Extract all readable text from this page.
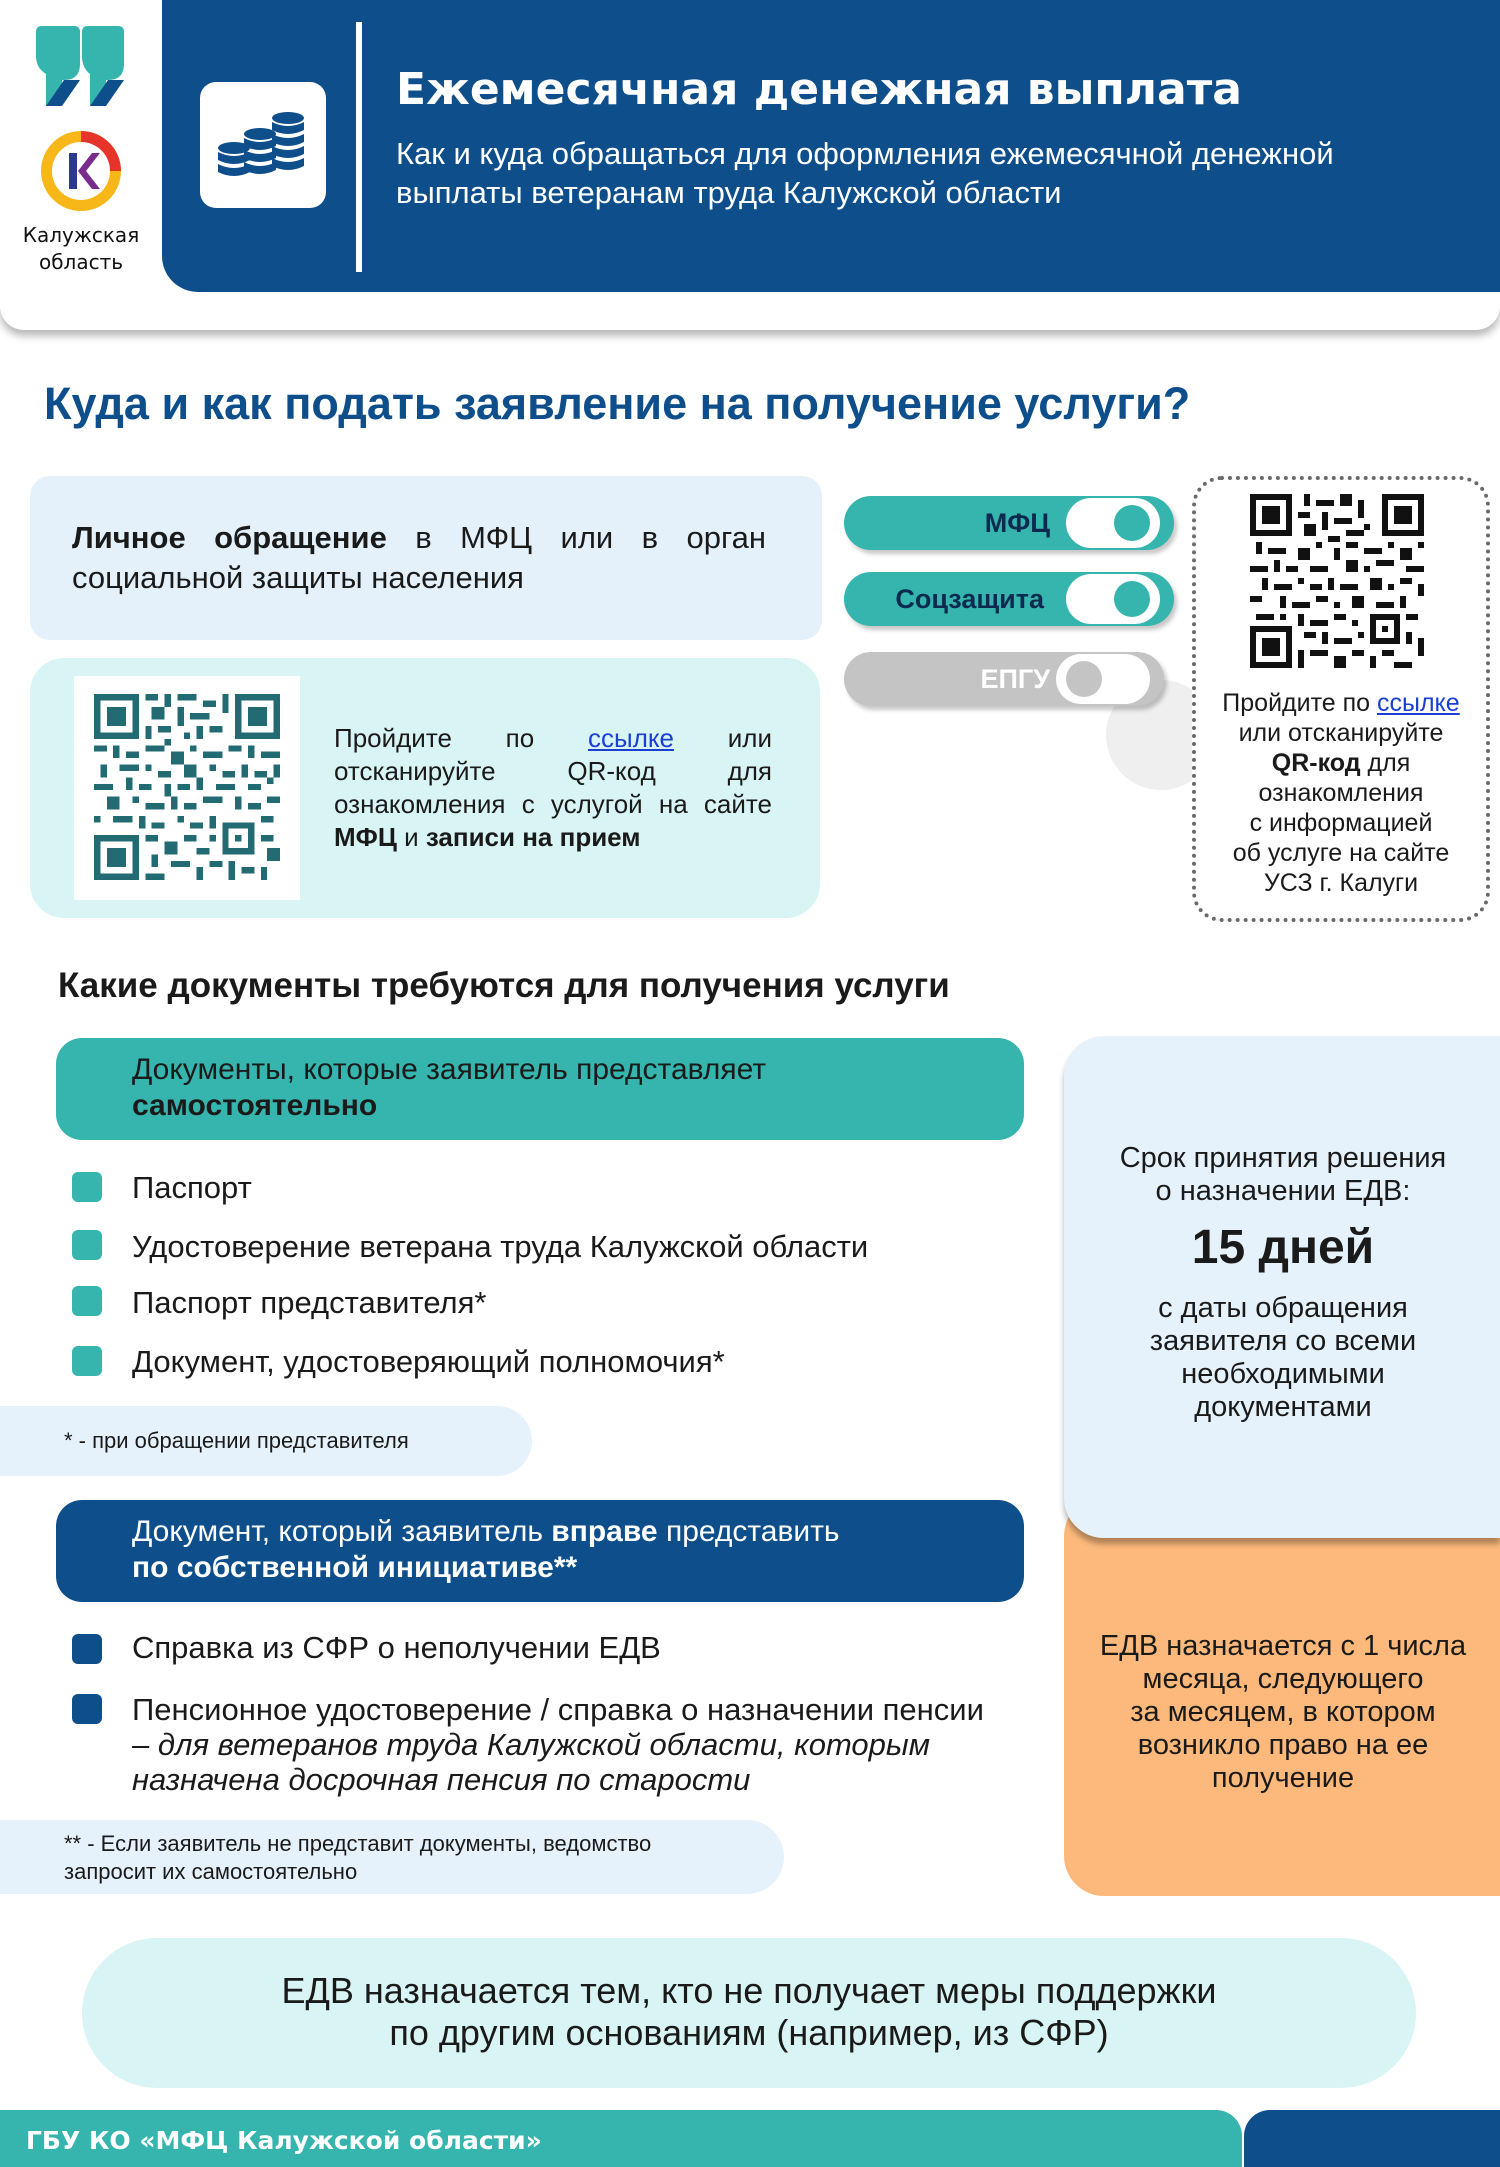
Калужская
область
Ежемесячная денежная выплата
Как и куда обращаться для оформления ежемесячной денежной
выплаты ветеранам труда Калужской области
Куда и как подать заявление на получение услуги?
Личное обращение в МФЦ или в орган социальной защиты населения
Пройдите по ссылке или отсканируйте QR-код для ознакомления с услугой на сайте МФЦ и записи на прием
МФЦ
Соцзащита
ЕПГУ
Пройдите по ссылке
или отсканируйте
QR-код для
ознакомления
с информацией
об услуге на сайте
УСЗ г. Калуги
Какие документы требуются для получения услуги
Документы, которые заявитель представляет
самостоятельно
Паспорт
Удостоверение ветерана труда Калужской области
Паспорт представителя*
Документ, удостоверяющий полномочия*
* - при обращении представителя
ЕДВ назначается с 1 числа
месяца, следующего
за месяцем, в котором
возникло право на ее
получение
Срок принятия решения
о назначении ЕДВ:
15 дней
с даты обращения
заявителя со всеми
необходимыми
документами
Документ, который заявитель вправе представить
по собственной инициативе**
Справка из СФР о неполучении ЕДВ
Пенсионное удостоверение / справка о назначении пенсии
– для ветеранов труда Калужской области, которым
назначена досрочная пенсия по старости
** - Если заявитель не представит документы, ведомство
запросит их самостоятельно
ЕДВ назначается тем, кто не получает меры поддержки
по другим основаниям (например, из СФР)
ГБУ КО «МФЦ Калужской области»
